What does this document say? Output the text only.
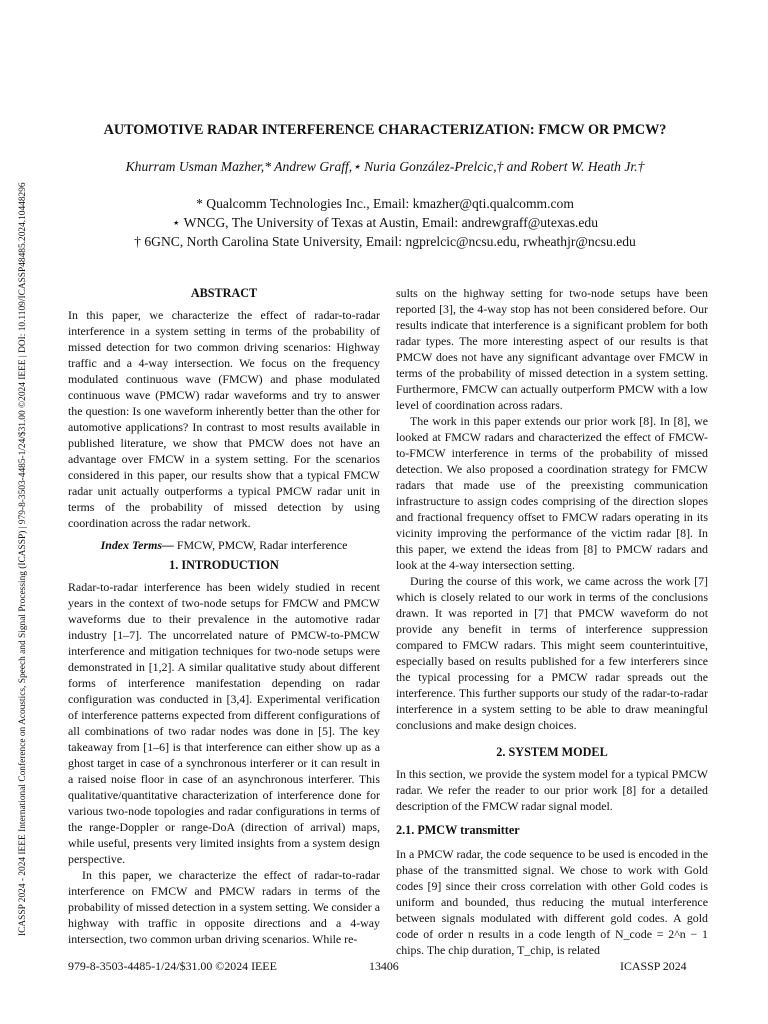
ICASSP 2024 - 2024 IEEE International Conference on Acoustics, Speech and Signal Processing (ICASSP) | 979-8-3503-4485-1/24/$31.00 ©2024 IEEE | DOI: 10.1109/ICASSP48485.2024.10448296
AUTOMOTIVE RADAR INTERFERENCE CHARACTERIZATION: FMCW OR PMCW?
Khurram Usman Mazher,* Andrew Graff,⋆ Nuria González-Prelcic,† and Robert W. Heath Jr.†
* Qualcomm Technologies Inc., Email: kmazher@qti.qualcomm.com
⋆ WNCG, The University of Texas at Austin, Email: andrewgraff@utexas.edu
† 6GNC, North Carolina State University, Email: ngprelcic@ncsu.edu, rwheathjr@ncsu.edu
ABSTRACT

In this paper, we characterize the effect of radar-to-radar interference in a system setting in terms of the probability of missed detection for two common driving scenarios: Highway traffic and a 4-way intersection. We focus on the frequency modulated continuous wave (FMCW) and phase modulated continuous wave (PMCW) radar waveforms and try to answer the question: Is one waveform inherently better than the other for automotive applications? In contrast to most results available in published literature, we show that PMCW does not have an advantage over FMCW in a system setting. For the scenarios considered in this paper, our results show that a typical FMCW radar unit actually outperforms a typical PMCW radar unit in terms of the probability of missed detection by using coordination across the radar network.

Index Terms— FMCW, PMCW, Radar interference

1. INTRODUCTION

Radar-to-radar interference has been widely studied in recent years in the context of two-node setups for FMCW and PMCW waveforms due to their prevalence in the automotive radar industry [1–7]. The uncorrelated nature of PMCW-to-PMCW interference and mitigation techniques for two-node setups were demonstrated in [1,2]. A similar qualitative study about different forms of interference manifestation depending on radar configuration was conducted in [3,4]. Experimental verification of interference patterns expected from different configurations of all combinations of two radar nodes was done in [5]. The key takeaway from [1–6] is that interference can either show up as a ghost target in case of a synchronous interferer or it can result in a raised noise floor in case of an asynchronous interferer. This qualitative/quantitative characterization of interference done for various two-node topologies and radar configurations in terms of the range-Doppler or range-DoA (direction of arrival) maps, while useful, presents very limited insights from a system design perspective.

In this paper, we characterize the effect of radar-to-radar interference on FMCW and PMCW radars in terms of the probability of missed detection in a system setting. We consider a highway with traffic in opposite directions and a 4-way intersection, two common urban driving scenarios. While re-

sults on the highway setting for two-node setups have been reported [3], the 4-way stop has not been considered before. Our results indicate that interference is a significant problem for both radar types. The more interesting aspect of our results is that PMCW does not have any significant advantage over FMCW in terms of the probability of missed detection in a system setting. Furthermore, FMCW can actually outperform PMCW with a low level of coordination across radars.

The work in this paper extends our prior work [8]. In [8], we looked at FMCW radars and characterized the effect of FMCW-to-FMCW interference in terms of the probability of missed detection. We also proposed a coordination strategy for FMCW radars that made use of the preexisting communication infrastructure to assign codes comprising of the direction slopes and fractional frequency offset to FMCW radars operating in its vicinity improving the performance of the victim radar [8]. In this paper, we extend the ideas from [8] to PMCW radars and look at the 4-way intersection setting.

During the course of this work, we came across the work [7] which is closely related to our work in terms of the conclusions drawn. It was reported in [7] that PMCW waveform do not provide any benefit in terms of interference suppression compared to FMCW radars. This might seem counterintuitive, especially based on results published for a few interferers since the typical processing for a PMCW radar spreads out the interference. This further supports our study of the radar-to-radar interference in a system setting to be able to draw meaningful conclusions and make design choices.

2. SYSTEM MODEL

In this section, we provide the system model for a typical PMCW radar. We refer the reader to our prior work [8] for a detailed description of the FMCW radar signal model.

2.1. PMCW transmitter

In a PMCW radar, the code sequence to be used is encoded in the phase of the transmitted signal. We chose to work with Gold codes [9] since their cross correlation with other Gold codes is uniform and bounded, thus reducing the mutual interference between signals modulated with different gold codes. A gold code of order n results in a code length of N_code = 2^n − 1 chips. The chip duration, T_chip, is related

979-8-3503-4485-1/24/$31.00 ©2024 IEEE	13406	ICASSP 2024
